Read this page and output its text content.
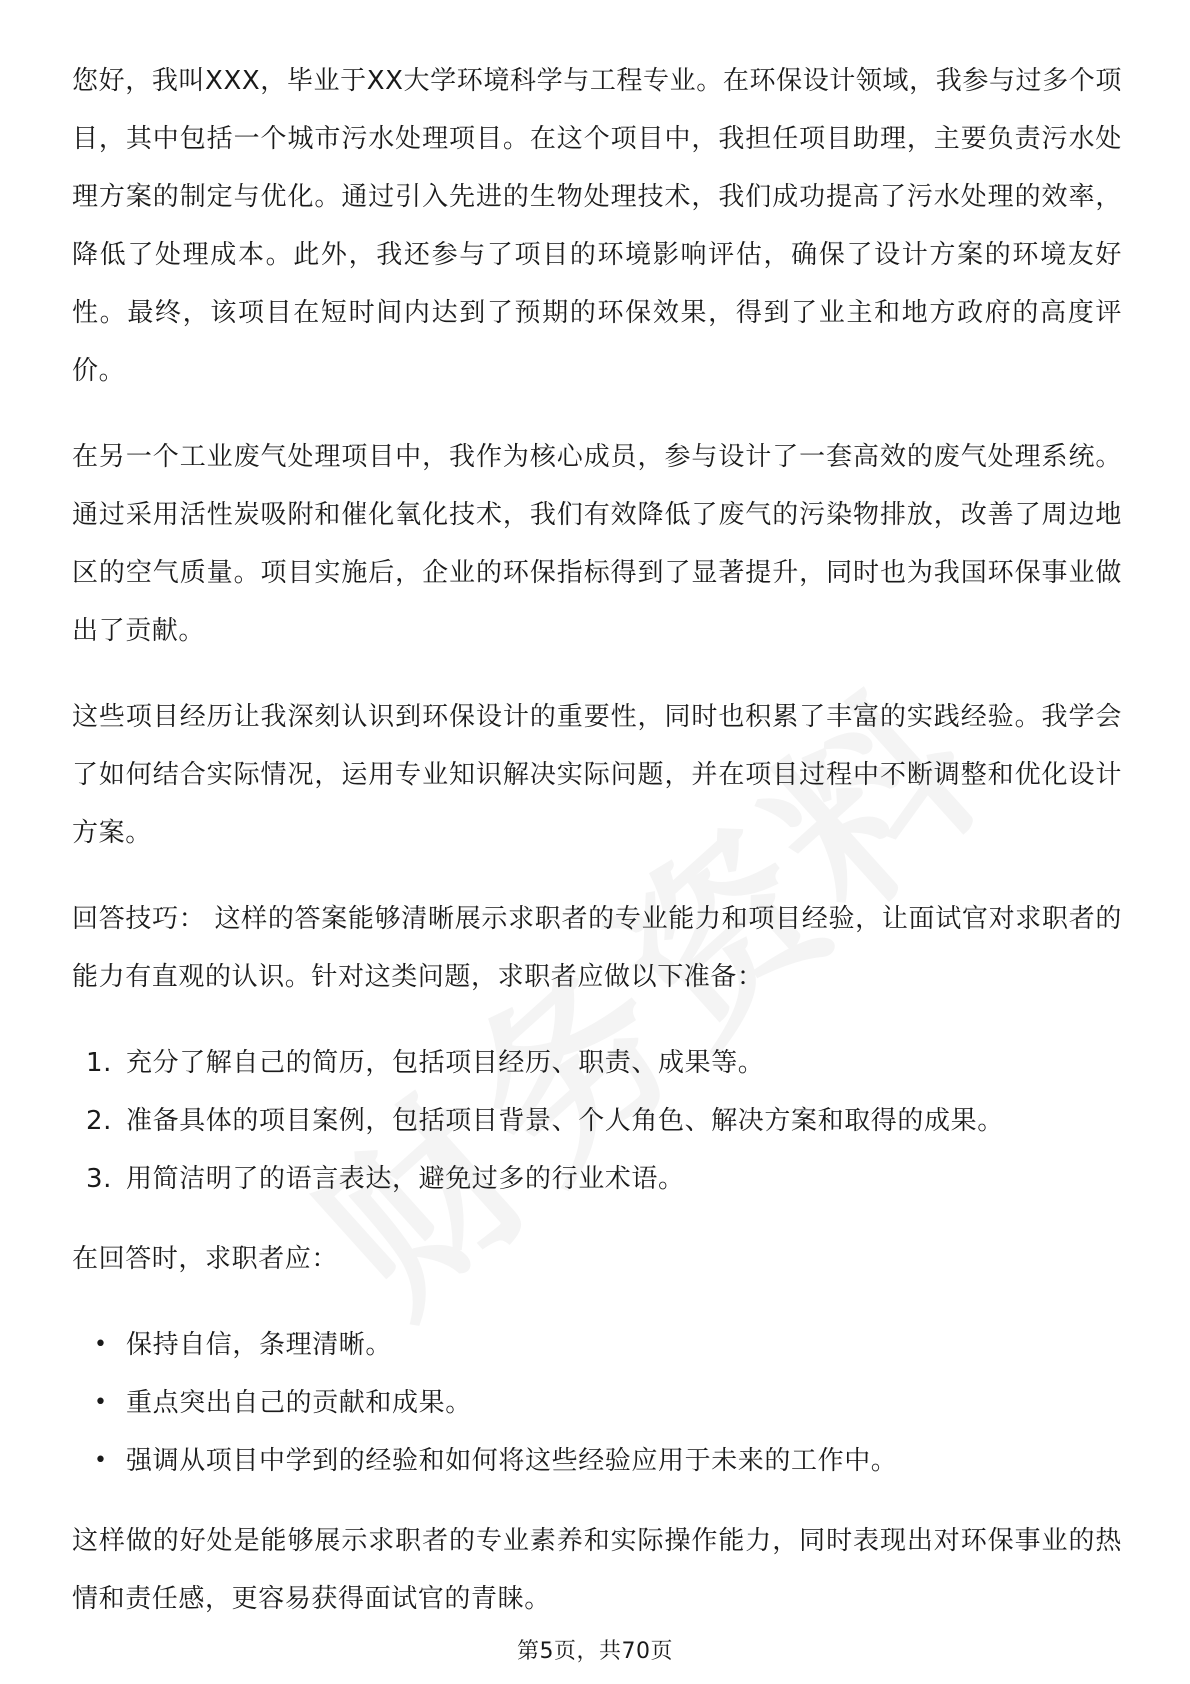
您好，我叫XXX，毕业于XX大学环境科学与工程专业。在环保设计领域，我参与过多个项目，其中包括一个城市污水处理项目。在这个项目中，我担任项目助理，主要负责污水处理方案的制定与优化。通过引入先进的生物处理技术，我们成功提高了污水处理的效率，降低了处理成本。此外，我还参与了项目的环境影响评估，确保了设计方案的环境友好性。最终，该项目在短时间内达到了预期的环保效果，得到了业主和地方政府的高度评价。

在另一个工业废气处理项目中，我作为核心成员，参与设计了一套高效的废气处理系统。通过采用活性炭吸附和催化氧化技术，我们有效降低了废气的污染物排放，改善了周边地区的空气质量。项目实施后，企业的环保指标得到了显著提升，同时也为我国环保事业做出了贡献。

这些项目经历让我深刻认识到环保设计的重要性，同时也积累了丰富的实践经验。我学会了如何结合实际情况，运用专业知识解决实际问题，并在项目过程中不断调整和优化设计方案。

回答技巧： 这样的答案能够清晰展示求职者的专业能力和项目经验，让面试官对求职者的能力有直观的认识。针对这类问题，求职者应做以下准备：

1. 充分了解自己的简历，包括项目经历、职责、成果等。
2. 准备具体的项目案例，包括项目背景、个人角色、解决方案和取得的成果。
3. 用简洁明了的语言表达，避免过多的行业术语。

在回答时，求职者应：

• 保持自信，条理清晰。
• 重点突出自己的贡献和成果。
• 强调从项目中学到的经验和如何将这些经验应用于未来的工作中。

这样做的好处是能够展示求职者的专业素养和实际操作能力，同时表现出对环保事业的热情和责任感，更容易获得面试官的青睐。

第5页，共70页
